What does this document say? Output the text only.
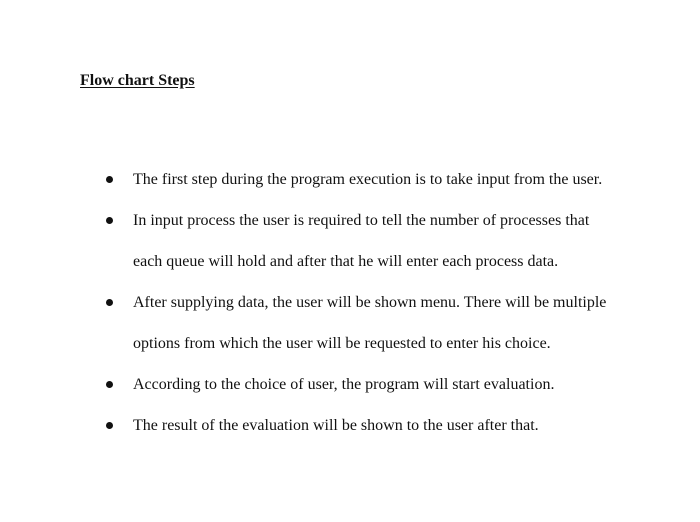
Flow chart Steps
The first step during the program execution is to take input from the user.
In input process the user is required to tell the number of processes that
each queue will hold and after that he will enter each process data.
After supplying data, the user will be shown menu. There will be multiple
options from which the user will be requested to enter his choice.
According to the choice of user, the program will start evaluation.
The result of the evaluation will be shown to the user after that.
